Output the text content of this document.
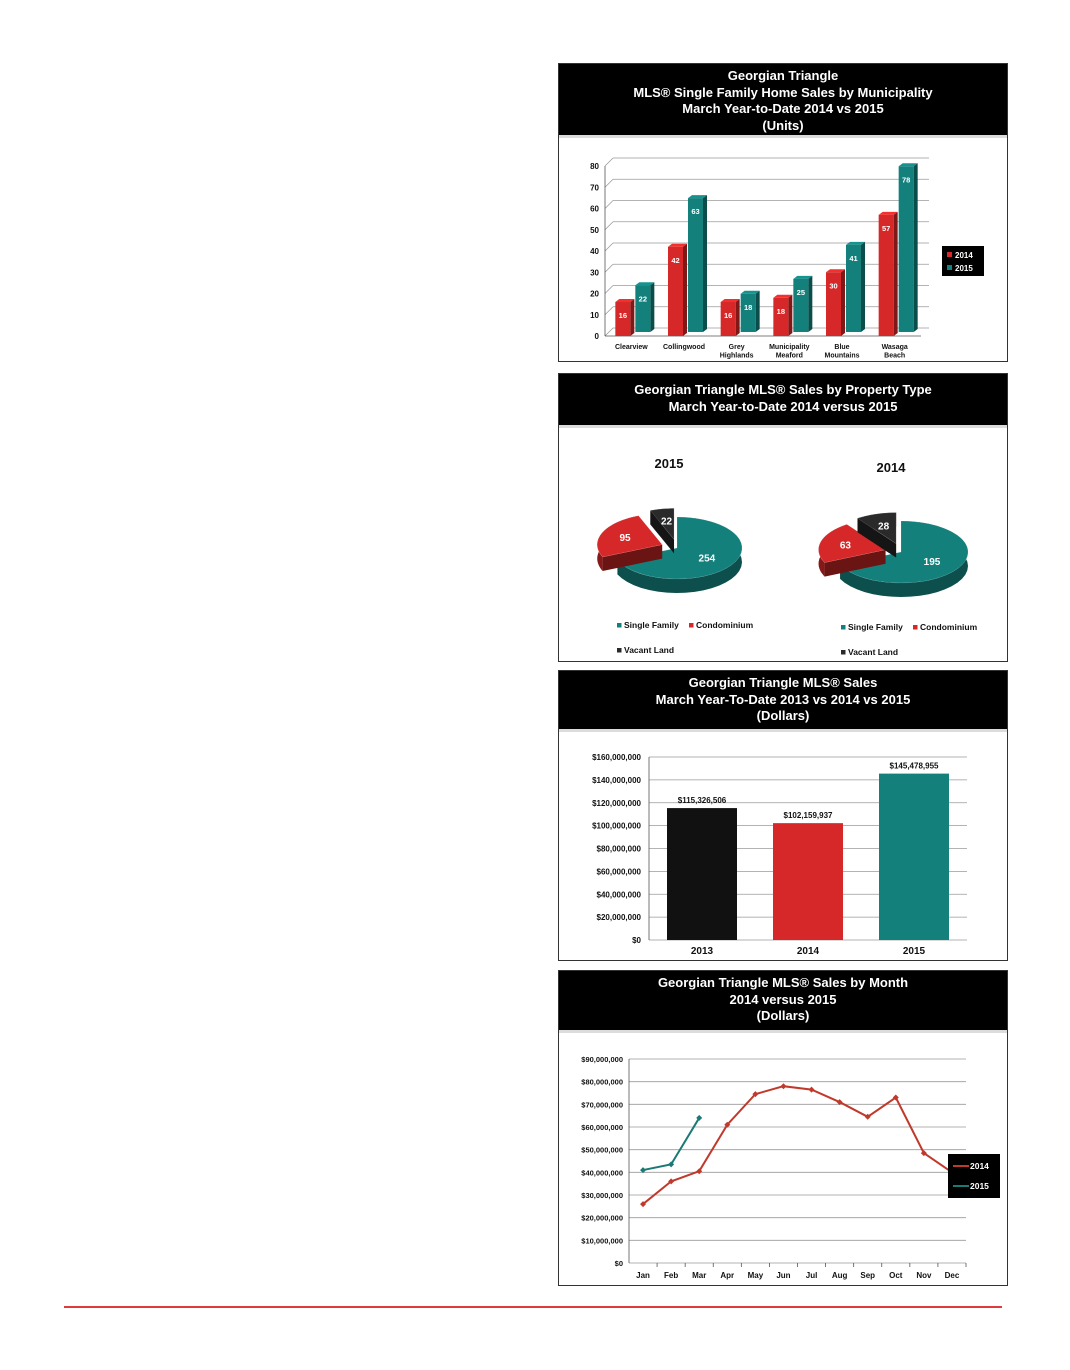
Georgian Triangle
MLS® Single Family Home Sales by Municipality
March Year-to-Date 2014 vs 2015
(Units)
0
10
20
30
40
50
60
70
80
16
22
Clearview
42
63
Collingwood
16
18
Grey
Highlands
18
25
Municipality
Meaford
30
41
Blue
Mountains
57
78
Wasaga
Beach
2014
2015
Georgian Triangle MLS® Sales by Property Type
March Year-to-Date 2014 versus 2015
2015
254
95
22
Single Family Condominium
Vacant Land
2014
195
63
28
Single Family Condominium
Vacant Land
Georgian Triangle MLS® Sales
March Year-To-Date 2013 vs 2014 vs 2015
(Dollars)
$0
$20,000,000
$40,000,000
$60,000,000
$80,000,000
$100,000,000
$120,000,000
$140,000,000
$160,000,000
$115,326,506
2013
$102,159,937
2014
$145,478,955
2015
Georgian Triangle MLS® Sales by Month
2014 versus 2015
(Dollars)
$0
$10,000,000
$20,000,000
$30,000,000
$40,000,000
$50,000,000
$60,000,000
$70,000,000
$80,000,000
$90,000,000
Jan Feb Mar Apr May Jun Jul Aug Sep Oct Nov Dec
2014
2015
